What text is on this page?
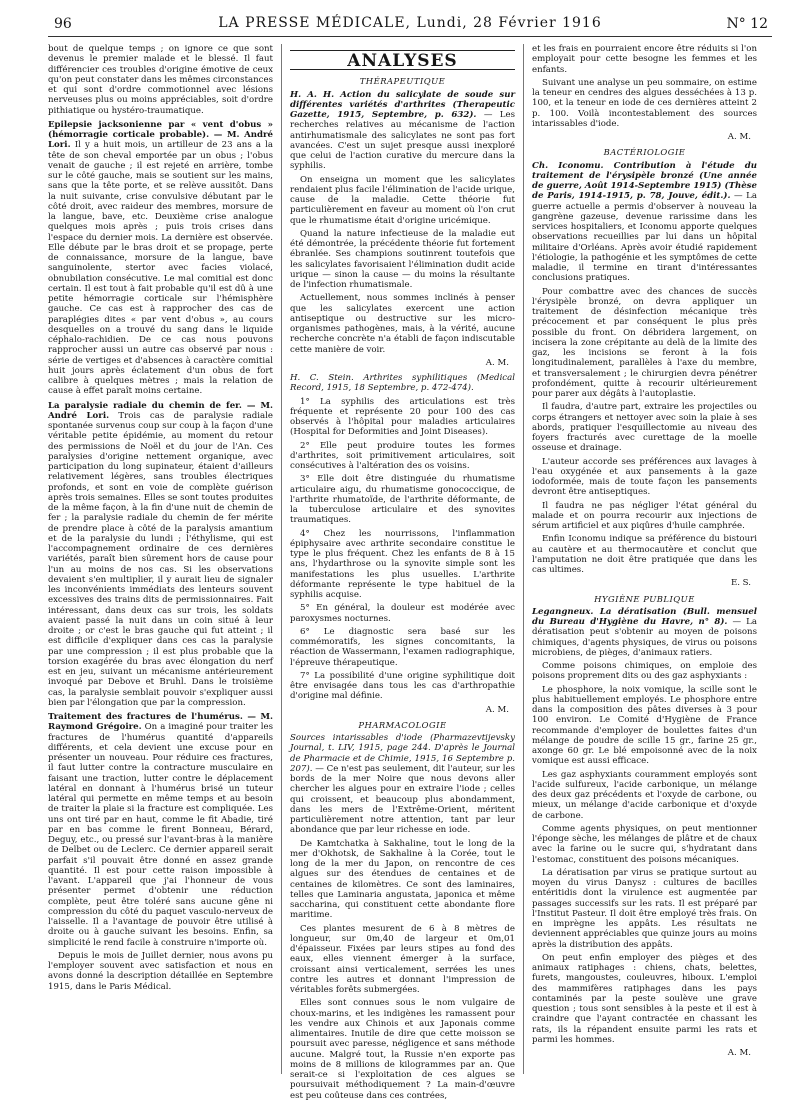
96	LA PRESSE MÉDICALE, Lundi, 28 Février 1916	N° 12

bout de quelque temps ; on ignore ce que sont devenus le premier malade et le blessé. Il faut différencier ces troubles d'origine émotive de ceux qu'on peut constater dans les mêmes circonstances et qui sont d'ordre commotionnel avec lésions nerveuses plus ou moins appréciables, soit d'ordre pithiatique ou hystéro-traumatique.

Epilepsie jacksonienne par « vent d'obus » (hémorragie corticale probable). — M. André Lori. Il y a huit mois, un artilleur de 23 ans a la tête de son cheval emportée par un obus ; l'obus venait de gauche ; il est rejeté en arrière, tombe sur le côté gauche, mais se soutient sur les mains, sans que la tête porte, et se relève aussitôt. Dans la nuit suivante, crise convulsive débutant par le côté droit, avec raideur des membres, morsure de la langue, bave, etc. Deuxième crise analogue quelques mois après ; puis trois crises dans l'espace du dernier mois. La dernière est observée. Elle débute par le bras droit et se propage, perte de connaissance, morsure de la langue, bave sanguinolente, stertor avec facies violacé, obnubilation consécutive. Le mal comitial est donc certain. Il est tout à fait probable qu'il est dû à une petite hémorragie corticale sur l'hémisphère gauche. Ce cas est à rapprocher des cas de paraplégies dites « par vent d'obus », au cours desquelles on a trouvé du sang dans le liquide céphalo-rachidien. De ce cas nous pouvons rapprocher aussi un autre cas observé par nous : série de vertiges et d'absences à caractère comitial huit jours après éclatement d'un obus de fort calibre à quelques mètres ; mais la relation de cause à effet paraît moins certaine.

La paralysie radiale du chemin de fer. — M. André Lori. Trois cas de paralysie radiale spontanée survenus coup sur coup à la façon d'une véritable petite épidémie, au moment du retour des permissions de Noël et du jour de l'An. Ces paralysies d'origine nettement organique, avec participation du long supinateur, étaient d'ailleurs relativement légères, sans troubles électriques profonds, et sont en voie de complète guérison après trois semaines. Elles se sont toutes produites de la même façon, à la fin d'une nuit de chemin de fer ; la paralysie radiale du chemin de fer mérite de prendre place à côté de la paralysis amantium et de la paralysie du lundi ; l'éthylisme, qui est l'accompagnement ordinaire de ces dernières variétés, paraît bien sûrement hors de cause pour l'un au moins de nos cas. Si les observations devaient s'en multiplier, il y aurait lieu de signaler les inconvénients immédiats des lenteurs souvent excessives des trains dits de permissionnaires. Fait intéressant, dans deux cas sur trois, les soldats avaient passé la nuit dans un coin situé à leur droite ; or c'est le bras gauche qui fut atteint ; il est difficile d'expliquer dans ces cas la paralysie par une compression ; il est plus probable que la torsion exagérée du bras avec élongation du nerf est en jeu, suivant un mécanisme antérieurement invoqué par Debove et Bruhl. Dans le troisième cas, la paralysie semblait pouvoir s'expliquer aussi bien par l'élongation que par la compression.

Traitement des fractures de l'humérus. — M. Raymond Grégoire. On a imaginé pour traiter les fractures de l'humérus quantité d'appareils différents, et cela devient une excuse pour en présenter un nouveau. Pour réduire ces fractures, il faut lutter contre la contracture musculaire en faisant une traction, lutter contre le déplacement latéral en donnant à l'humérus brisé un tuteur latéral qui permette en même temps et au besoin de traiter la plaie si la fracture est compliquée. Les uns ont tiré par en haut, comme le fit Abadie, tiré par en bas comme le firent Bonneau, Bérard, Deguy, etc., ou pressé sur l'avant-bras à la manière de Delbet ou de Leclerc. Ce dernier appareil serait parfait s'il pouvait être donné en assez grande quantité. Il est pour cette raison impossible à l'avant. L'appareil que j'ai l'honneur de vous présenter permet d'obtenir une réduction complète, peut être toléré sans aucune gêne ni compression du côté du paquet vasculo-nerveux de l'aisselle. Il a l'avantage de pouvoir être utilisé à droite ou à gauche suivant les besoins. Enfin, sa simplicité le rend facile à construire n'importe où.

Depuis le mois de Juillet dernier, nous avons pu l'employer souvent avec satisfaction et nous en avons donné la description détaillée en Septembre 1915, dans le Paris Médical.

ANALYSES
THÉRAPEUTIQUE

H. A. H. Action du salicylate de soude sur différentes variétés d'arthrites (Therapeutic Gazette, 1915, Septembre, p. 632). — Les recherches relatives au mécanisme de l'action antirhumatismale des salicylates ne sont pas fort avancées. C'est un sujet presque aussi inexploré que celui de l'action curative du mercure dans la syphilis.

On enseigna un moment que les salicylates rendaient plus facile l'élimination de l'acide urique, cause de la maladie. Cette théorie fut particulièrement en faveur au moment où l'on crut que le rhumatisme était d'origine uricémique.

Quand la nature infectieuse de la maladie eut été démontrée, la précédente théorie fut fortement ébranlée. Ses champions soutinrent toutefois que les salicylates favorisaient l'élimination dudit acide urique — sinon la cause — du moins la résultante de l'infection rhumatismale.

Actuellement, nous sommes inclinés à penser que les salicylates exercent une action antiseptique ou destructive sur les micro-organismes pathogènes, mais, à la vérité, aucune recherche concrète n'a établi de façon indiscutable cette manière de voir.

A. M.

H. C. Stein. Arthrites syphilitiques (Medical Record, 1915, 18 Septembre, p. 472-474).

1° La syphilis des articulations est très fréquente et représente 20 pour 100 des cas observés à l'hôpital pour maladies articulaires (Hospital for Deformities and Joint Diseases).

2° Elle peut produire toutes les formes d'arthrites, soit primitivement articulaires, soit consécutives à l'altération des os voisins.

3° Elle doit être distinguée du rhumatisme articulaire aigu, du rhumatisme gonococcique, de l'arthrite rhumatoïde, de l'arthrite déformante, de la tuberculose articulaire et des synovites traumatiques.

4° Chez les nourrissons, l'inflammation épiphysaire avec arthrite secondaire constitue le type le plus fréquent. Chez les enfants de 8 à 15 ans, l'hydarthrose ou la synovite simple sont les manifestations les plus usuelles. L'arthrite déformante représente le type habituel de la syphilis acquise.

5° En général, la douleur est modérée avec paroxysmes nocturnes.

6° Le diagnostic sera basé sur les commémoratifs, les signes concomitants, la réaction de Wassermann, l'examen radiographique, l'épreuve thérapeutique.

7° La possibilité d'une origine syphilitique doit être envisagée dans tous les cas d'arthropathie d'origine mal définie.

A. M.
PHARMACOLOGIE

Sources intarissables d'iode (Pharmazevtijevsky Journal, t. LIV, 1915, page 244. D'après le Journal de Pharmacie et de Chimie, 1915, 16 Septembre p. 207). — Ce n'est pas seulement, dit l'auteur, sur les bords de la mer Noire que nous devons aller chercher les algues pour en extraire l'iode ; celles qui croissent, et beaucoup plus abondamment, dans les mers de l'Extrême-Orient, méritent particulièrement notre attention, tant par leur abondance que par leur richesse en iode.

De Kamtchatka à Sakhaline, tout le long de la mer d'Okhotsk, de Sakhaline à la Corée, tout le long de la mer du Japon, on rencontre de ces algues sur des étendues de centaines et de centaines de kilomètres. Ce sont des laminaires, telles que Laminaria angustata, japonica et même saccharina, qui constituent cette abondante flore maritime.

Ces plantes mesurent de 6 à 8 mètres de longueur, sur 0m,40 de largeur et 0m,01 d'épaisseur. Fixées par leurs stipes au fond des eaux, elles viennent émerger à la surface, croissant ainsi verticalement, serrées les unes contre les autres et donnant l'impression de véritables forêts submergées.

Elles sont connues sous le nom vulgaire de choux-marins, et les indigènes les ramassent pour les vendre aux Chinois et aux Japonais comme alimentaires. Inutile de dire que cette moisson se poursuit avec paresse, négligence et sans méthode aucune. Malgré tout, la Russie n'en exporte pas moins de 8 millions de kilogrammes par an. Que serait-ce si l'exploitation de ces algues se poursuivait méthodiquement ? La main-d'œuvre est peu coûteuse dans ces contrées,

et les frais en pourraient encore être réduits si l'on employait pour cette besogne les femmes et les enfants.

Suivant une analyse un peu sommaire, on estime la teneur en cendres des algues desséchées à 13 p. 100, et la teneur en iode de ces dernières atteint 2 p. 100. Voilà incontestablement des sources intarissables d'iode.

A. M.
BACTÉRIOLOGIE

Ch. Iconomu. Contribution à l'étude du traitement de l'érysipèle bronzé (Une année de guerre, Août 1914-Septembre 1915) (Thèse de Paris, 1914-1915, p. 78, Jouve, édit.). — La guerre actuelle a permis d'observer à nouveau la gangrène gazeuse, devenue rarissime dans les services hospitaliers, et Iconomu apporte quelques observations recueillies par lui dans un hôpital militaire d'Orléans. Après avoir étudié rapidement l'étiologie, la pathogénie et les symptômes de cette maladie, il termine en tirant d'intéressantes conclusions pratiques.

Pour combattre avec des chances de succès l'érysipèle bronzé, on devra appliquer un traitement de désinfection mécanique très précocement et par conséquent le plus près possible du front. On débridera largement, on incisera la zone crépitante au delà de la limite des gaz, les incisions se feront à la fois longitudinalement, parallèles à l'axe du membre, et transversalement ; le chirurgien devra pénétrer profondément, quitte à recourir ultérieurement pour parer aux dégâts à l'autoplastie.

Il faudra, d'autre part, extraire les projectiles ou corps étrangers et nettoyer avec soin la plaie à ses abords, pratiquer l'esquillectomie au niveau des foyers fracturés avec curettage de la moelle osseuse et drainage.

L'auteur accorde ses préférences aux lavages à l'eau oxygénée et aux pansements à la gaze iodoformée, mais de toute façon les pansements devront être antiseptiques.

Il faudra ne pas négliger l'état général du malade et on pourra recourir aux injections de sérum artificiel et aux piqûres d'huile camphrée.

Enfin Iconomu indique sa préférence du bistouri au cautère et au thermocautère et conclut que l'amputation ne doit être pratiquée que dans les cas ultimes.

E. S.
HYGIÈNE PUBLIQUE

Legangneux. La dératisation (Bull. mensuel du Bureau d'Hygiène du Havre, n° 8). — La dératisation peut s'obtenir au moyen de poisons chimiques, d'agents physiques, de virus ou poisons microbiens, de pièges, d'animaux ratiers.

Comme poisons chimiques, on emploie des poisons proprement dits ou des gaz asphyxiants :

Le phosphore, la noix vomique, la scille sont le plus habituellement employés. Le phosphore entre dans la composition des pâtes diverses à 3 pour 100 environ. Le Comité d'Hygiène de France recommande d'employer de boulettes faites d'un mélange de poudre de scille 15 gr., farine 25 gr., axonge 60 gr. Le blé empoisonné avec de la noix vomique est aussi efficace.

Les gaz asphyxiants couramment employés sont l'acide sulfureux, l'acide carbonique, un mélange des deux gaz précédents et l'oxyde de carbone, ou mieux, un mélange d'acide carbonique et d'oxyde de carbone.

Comme agents physiques, on peut mentionner l'éponge sèche, les mélanges de plâtre et de chaux avec la farine ou le sucre qui, s'hydratant dans l'estomac, constituent des poisons mécaniques.

La dératisation par virus se pratique surtout au moyen du virus Danysz : cultures de bacilles entéritidis dont la virulence est augmentée par passages successifs sur les rats. Il est préparé par l'Institut Pasteur. Il doit être employé très frais. On en imprègne les appâts. Les résultats ne deviennent appréciables que quinze jours au moins après la distribution des appâts.

On peut enfin employer des pièges et des animaux ratiphages : chiens, chats, belettes, furets, mangoustes, couleuvres, hiboux. L'emploi des mammifères ratiphages dans les pays contaminés par la peste soulève une grave question ; tous sont sensibles à la peste et il est à craindre que l'ayant contractée en chassant les rats, ils la répandent ensuite parmi les rats et parmi les hommes.

A. M.
